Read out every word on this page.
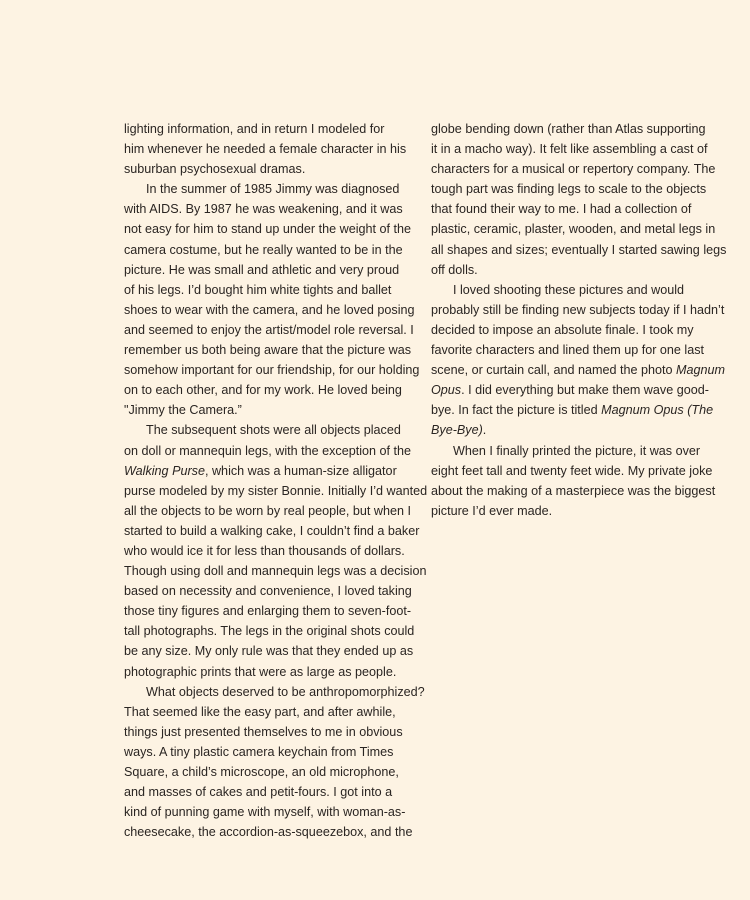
lighting information, and in return I modeled for
him whenever he needed a female character in his
suburban psychosexual dramas.
In the summer of 1985 Jimmy was diagnosed
with AIDS. By 1987 he was weakening, and it was
not easy for him to stand up under the weight of the
camera costume, but he really wanted to be in the
picture. He was small and athletic and very proud
of his legs. I’d bought him white tights and ballet
shoes to wear with the camera, and he loved posing
and seemed to enjoy the artist/model role reversal. I
remember us both being aware that the picture was
somehow important for our friendship, for our holding
on to each other, and for my work. He loved being
"Jimmy the Camera.”
The subsequent shots were all objects placed
on doll or mannequin legs, with the exception of the
Walking Purse, which was a human-size alligator
purse modeled by my sister Bonnie. Initially I’d wanted
all the objects to be worn by real people, but when I
started to build a walking cake, I couldn’t find a baker
who would ice it for less than thousands of dollars.
Though using doll and mannequin legs was a decision
based on necessity and convenience, I loved taking
those tiny figures and enlarging them to seven-foot-
tall photographs. The legs in the original shots could
be any size. My only rule was that they ended up as
photographic prints that were as large as people.
What objects deserved to be anthropomorphized?
That seemed like the easy part, and after awhile,
things just presented themselves to me in obvious
ways. A tiny plastic camera keychain from Times
Square, a child’s microscope, an old microphone,
and masses of cakes and petit-fours. I got into a
kind of punning game with myself, with woman-as-
cheesecake, the accordion-as-squeezebox, and the
globe bending down (rather than Atlas supporting
it in a macho way). It felt like assembling a cast of
characters for a musical or repertory company. The
tough part was finding legs to scale to the objects
that found their way to me. I had a collection of
plastic, ceramic, plaster, wooden, and metal legs in
all shapes and sizes; eventually I started sawing legs
off dolls.
I loved shooting these pictures and would
probably still be finding new subjects today if I hadn’t
decided to impose an absolute finale. I took my
favorite characters and lined them up for one last
scene, or curtain call, and named the photo Magnum
Opus. I did everything but make them wave good-
bye. In fact the picture is titled Magnum Opus (The
Bye-Bye).
When I finally printed the picture, it was over
eight feet tall and twenty feet wide. My private joke
about the making of a masterpiece was the biggest
picture I’d ever made.
